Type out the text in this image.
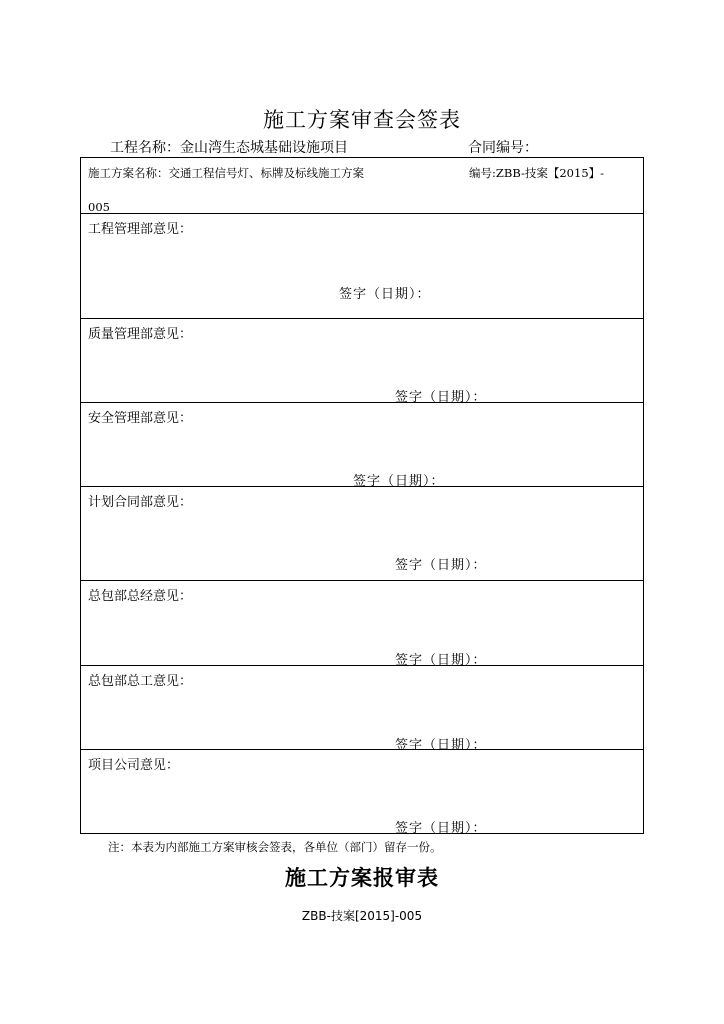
施工方案审查会签表
工程名称：金山湾生态城基础设施项目	合同编号：
施工方案名称：交通工程信号灯、标牌及标线施工方案	编号:ZBB-技案【2015】-
005
工程管理部意见：
签字（日期）：
质量管理部意见：
签字（日期）：
安全管理部意见：
签字（日期）：
计划合同部意见：
签字（日期）：
总包部总经意见：
签字（日期）：
总包部总工意见：
签字（日期）：
项目公司意见：
签字（日期）：
注：本表为内部施工方案审核会签表，各单位（部门）留存一份。
施工方案报审表
ZBB-技案[2015]-005
